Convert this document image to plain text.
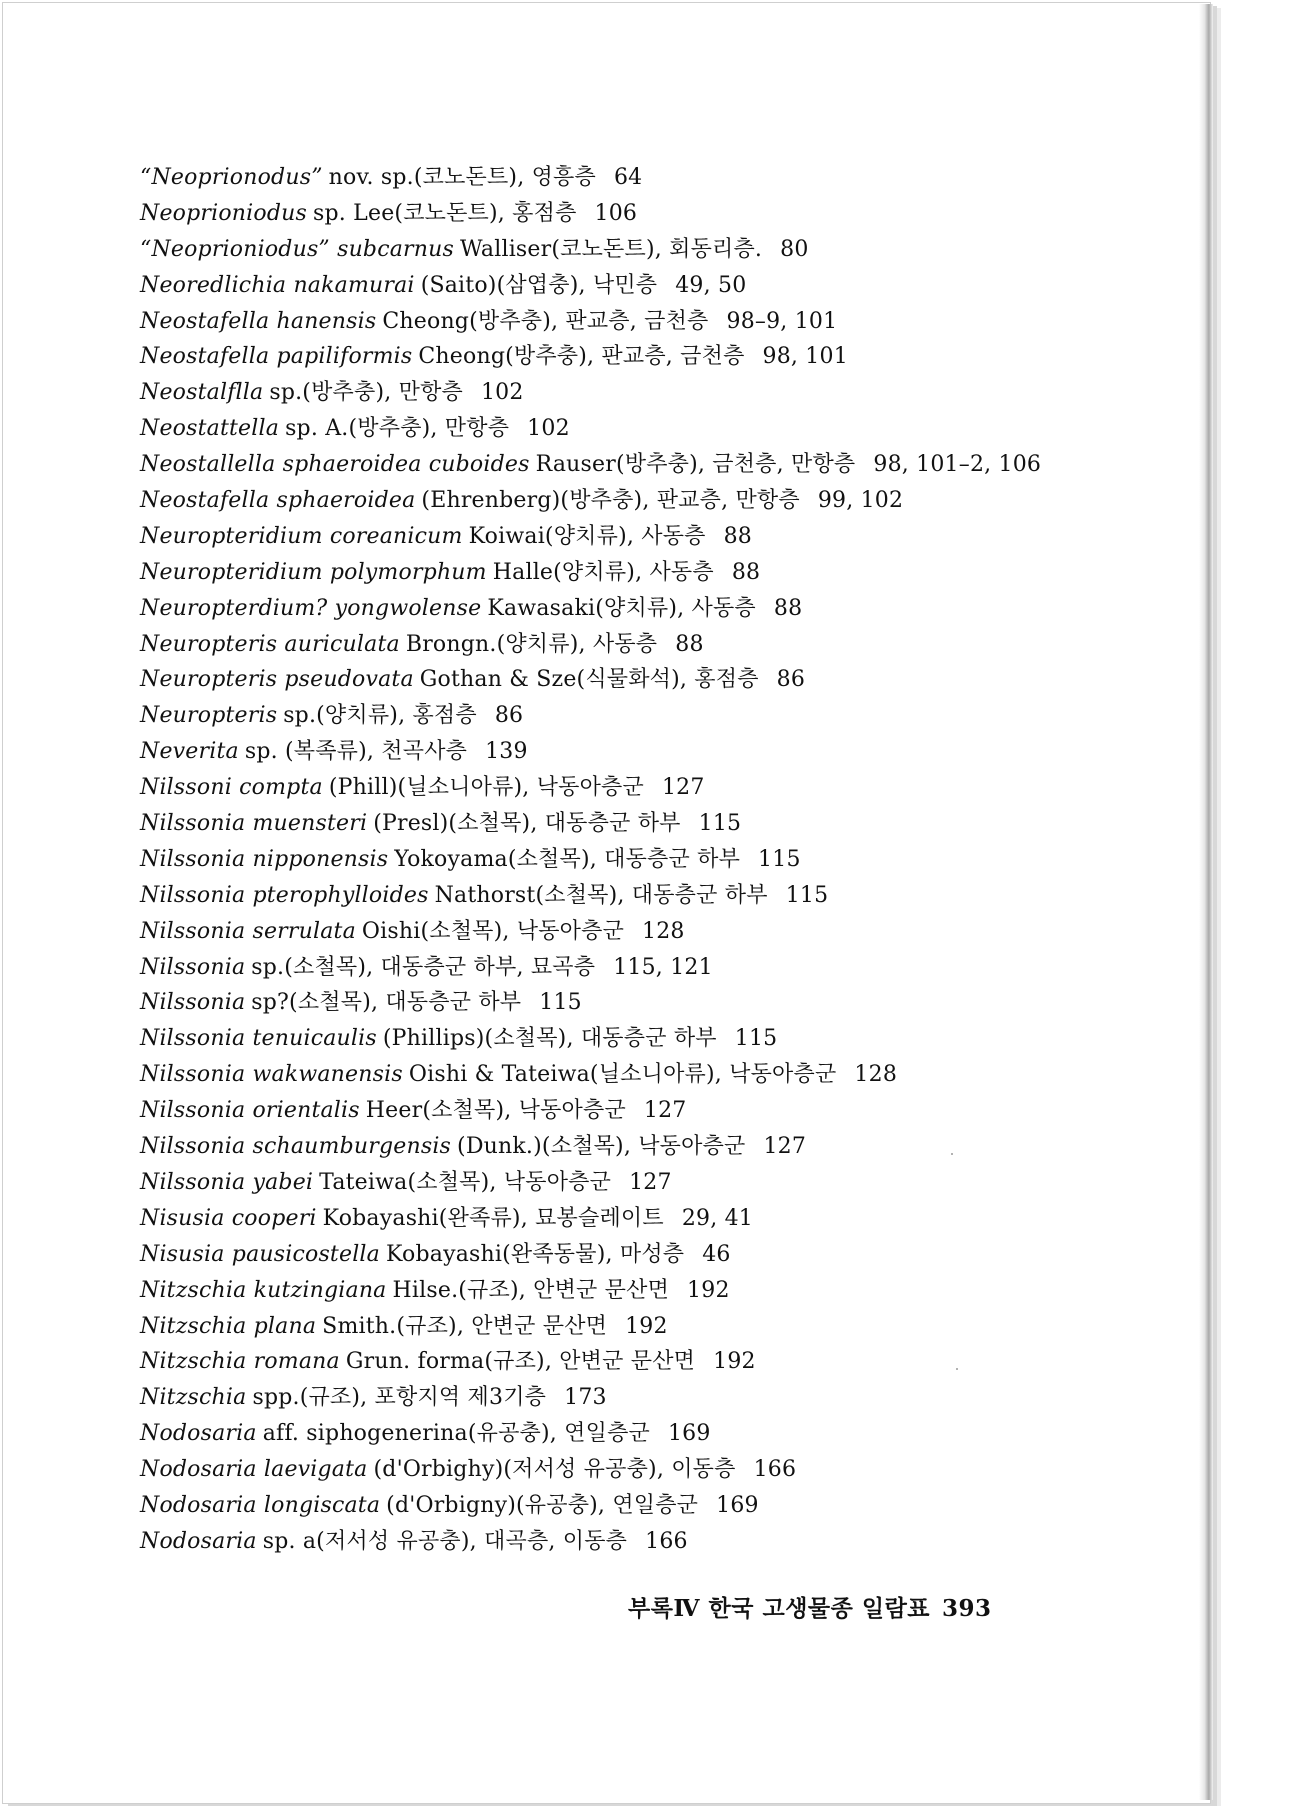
“Neoprionodus” nov. sp.(코노돈트), 영흥층 64
Neoprioniodus sp. Lee(코노돈트), 홍점층 106
“Neoprioniodus” subcarnus Walliser(코노돈트), 회동리층. 80
Neoredlichia nakamurai (Saito)(삼엽충), 낙민층 49, 50
Neostafella hanensis Cheong(방추충), 판교층, 금천층 98–9, 101
Neostafella papiliformis Cheong(방추충), 판교층, 금천층 98, 101
Neostalflla sp.(방추충), 만항층 102
Neostattella sp. A.(방추충), 만항층 102
Neostallella sphaeroidea cuboides Rauser(방추충), 금천층, 만항층 98, 101–2, 106
Neostafella sphaeroidea (Ehrenberg)(방추충), 판교층, 만항층 99, 102
Neuropteridium coreanicum Koiwai(양치류), 사동층 88
Neuropteridium polymorphum Halle(양치류), 사동층 88
Neuropterdium? yongwolense Kawasaki(양치류), 사동층 88
Neuropteris auriculata Brongn.(양치류), 사동층 88
Neuropteris pseudovata Gothan & Sze(식물화석), 홍점층 86
Neuropteris sp.(양치류), 홍점층 86
Neverita sp. (복족류), 천곡사층 139
Nilssoni compta (Phill)(닐소니아류), 낙동아층군 127
Nilssonia muensteri (Presl)(소철목), 대동층군 하부 115
Nilssonia nipponensis Yokoyama(소철목), 대동층군 하부 115
Nilssonia pterophylloides Nathorst(소철목), 대동층군 하부 115
Nilssonia serrulata Oishi(소철목), 낙동아층군 128
Nilssonia sp.(소철목), 대동층군 하부, 묘곡층 115, 121
Nilssonia sp?(소철목), 대동층군 하부 115
Nilssonia tenuicaulis (Phillips)(소철목), 대동층군 하부 115
Nilssonia wakwanensis Oishi & Tateiwa(닐소니아류), 낙동아층군 128
Nilssonia orientalis Heer(소철목), 낙동아층군 127
Nilssonia schaumburgensis (Dunk.)(소철목), 낙동아층군 127
Nilssonia yabei Tateiwa(소철목), 낙동아층군 127
Nisusia cooperi Kobayashi(완족류), 묘봉슬레이트 29, 41
Nisusia pausicostella Kobayashi(완족동물), 마성층 46
Nitzschia kutzingiana Hilse.(규조), 안변군 문산면 192
Nitzschia plana Smith.(규조), 안변군 문산면 192
Nitzschia romana Grun. forma(규조), 안변군 문산면 192
Nitzschia spp.(규조), 포항지역 제3기층 173
Nodosaria aff. siphogenerina(유공충), 연일층군 169
Nodosaria laevigata (d'Orbighy)(저서성 유공충), 이동층 166
Nodosaria longiscata (d'Orbigny)(유공충), 연일층군 169
Nodosaria sp. a(저서성 유공충), 대곡층, 이동층 166
부록Ⅳ 한국 고생물종 일람표 393
